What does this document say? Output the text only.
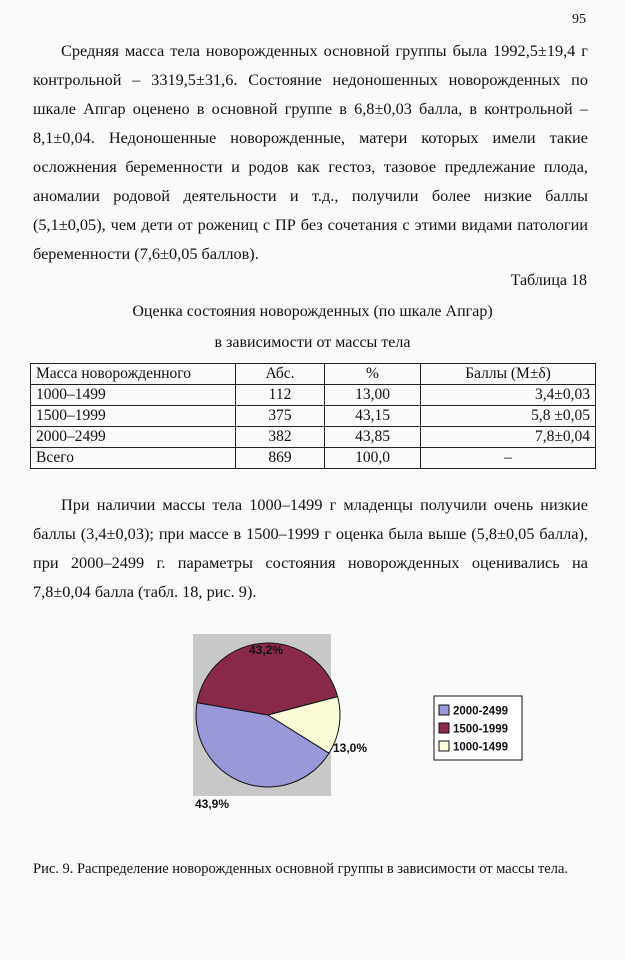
95

Средняя масса тела новорожденных основной группы была 1992,5±19,4 г контрольной – 3319,5±31,6. Состояние недоношенных новорожденных по шкале Апгар оценено в основной группе в 6,8±0,03 балла, в контрольной – 8,1±0,04. Недоношенные новорожденные, матери которых имели такие осложнения беременности и родов как гестоз, тазовое предлежание плода, аномалии родовой деятельности и т.д., получили более низкие баллы (5,1±0,05), чем дети от рожениц с ПР без сочетания с этими видами патологии беременности (7,6±0,05 баллов).

Таблица 18
Оценка состояния новорожденных (по шкале Апгар)
в зависимости от массы тела
Масса новорожденного	Абс.	%	Баллы (М±δ)
1000–1499	112	13,00	3,4±0,03
1500–1999	375	43,15	5,8 ±0,05
2000–2499	382	43,85	7,8±0,04
Всего	869	100,0	–

При наличии массы тела 1000–1499 г младенцы получили очень низкие баллы (3,4±0,03); при массе в 1500–1999 г оценка была выше (5,8±0,05 балла), при 2000–2499 г. параметры состояния новорожденных оценивались на 7,8±0,04 балла (табл. 18, рис. 9).

43,9%
43,2%
13,0%
2000-2499
1500-1999
1000-1499

Рис. 9. Распределение новорожденных основной группы в зависимости от массы тела.
